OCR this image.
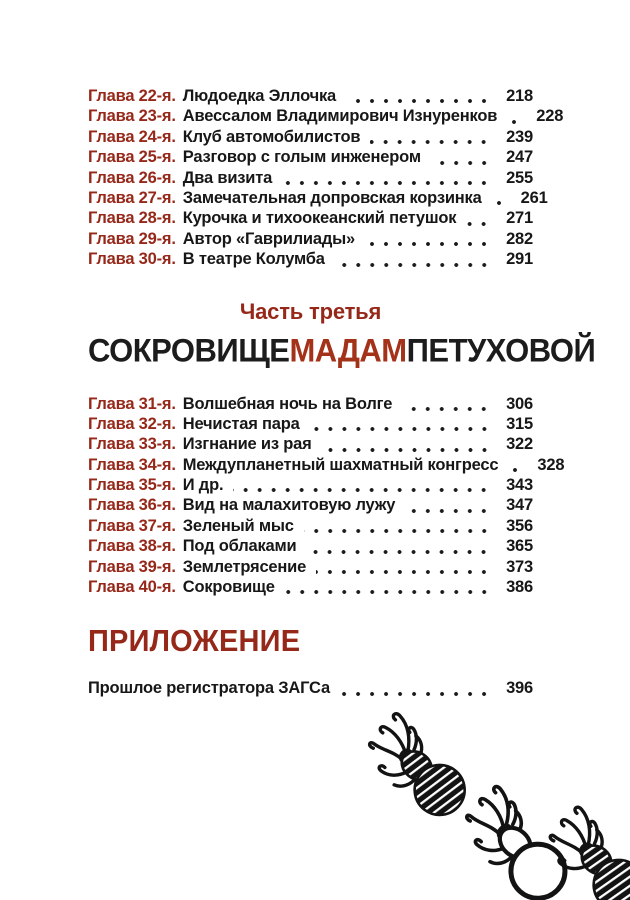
Глава 22-я. Людоедка Эллочка	218
Глава 23-я. Авессалом Владимирович Изнуренков	228
Глава 24-я. Клуб автомобилистов	239
Глава 25-я. Разговор с голым инженером	247
Глава 26-я. Два визита	255
Глава 27-я. Замечательная допровская корзинка	261
Глава 28-я. Курочка и тихоокеанский петушок	271
Глава 29-я. Автор «Гаврилиады»	282
Глава 30-я. В театре Колумба	291
Часть третья
СОКРОВИЩЕ МАДАМ ПЕТУХОВОЙ
Глава 31-я. Волшебная ночь на Волге	306
Глава 32-я. Нечистая пара	315
Глава 33-я. Изгнание из рая	322
Глава 34-я. Междупланетный шахматный конгресс	328
Глава 35-я. И др.	343
Глава 36-я. Вид на малахитовую лужу	347
Глава 37-я. Зеленый мыс	356
Глава 38-я. Под облаками	365
Глава 39-я. Землетрясение	373
Глава 40-я. Сокровище	386
ПРИЛОЖЕНИЕ
Прошлое регистратора ЗАГСа	396
